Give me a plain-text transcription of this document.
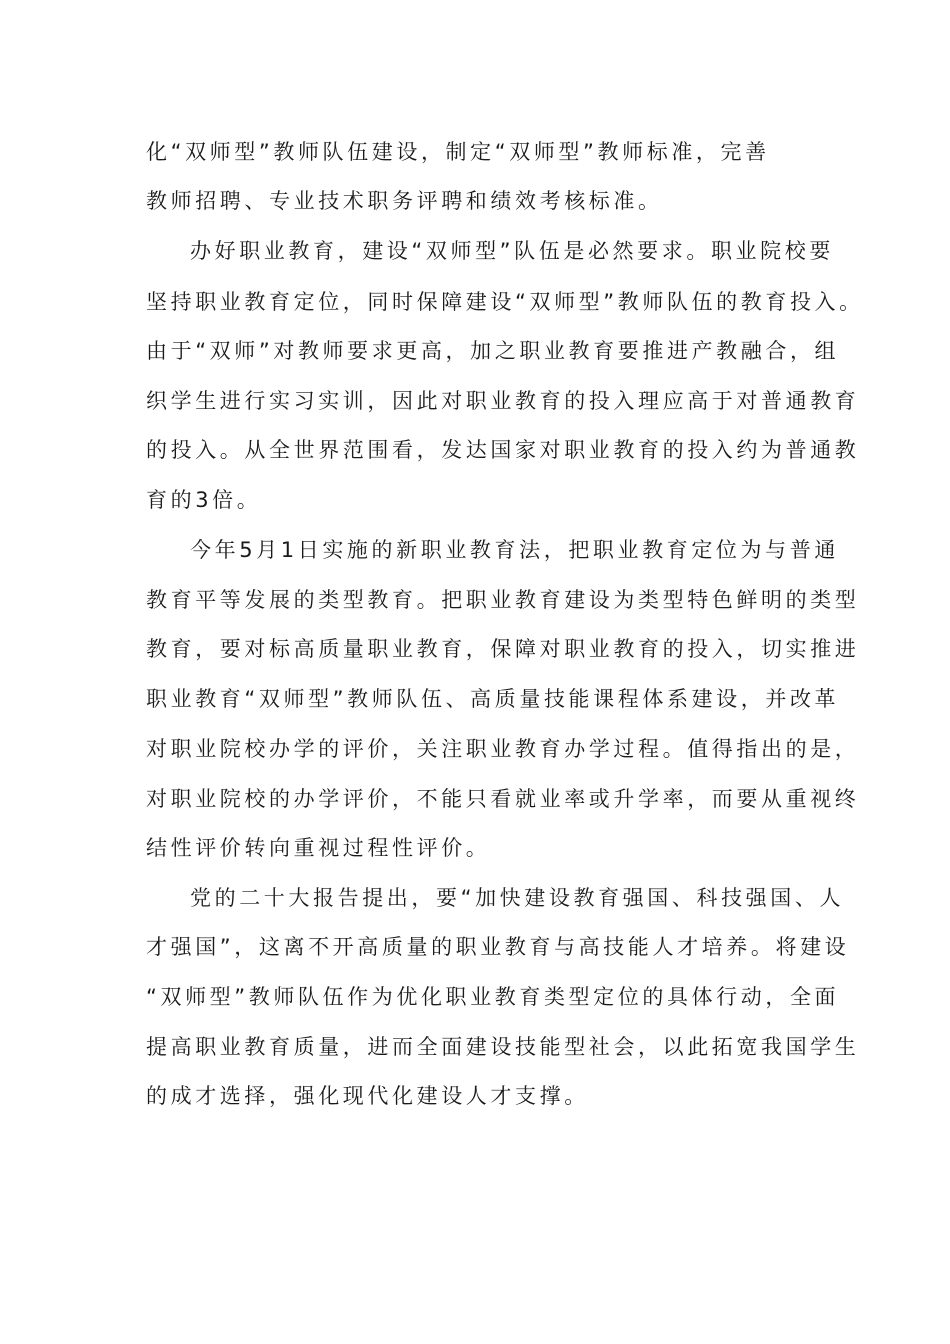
化“双师型”教师队伍建设，制定“双师型”教师标准，完善
教师招聘、专业技术职务评聘和绩效考核标准。
办好职业教育，建设“双师型”队伍是必然要求。职业院校要
坚持职业教育定位，同时保障建设“双师型”教师队伍的教育投入。
由于“双师”对教师要求更高，加之职业教育要推进产教融合，组
织学生进行实习实训，因此对职业教育的投入理应高于对普通教育
的投入。从全世界范围看，发达国家对职业教育的投入约为普通教
育的3倍。
今年5月1日实施的新职业教育法，把职业教育定位为与普通
教育平等发展的类型教育。把职业教育建设为类型特色鲜明的类型
教育，要对标高质量职业教育，保障对职业教育的投入，切实推进
职业教育“双师型”教师队伍、高质量技能课程体系建设，并改革
对职业院校办学的评价，关注职业教育办学过程。值得指出的是，
对职业院校的办学评价，不能只看就业率或升学率，而要从重视终
结性评价转向重视过程性评价。
党的二十大报告提出，要“加快建设教育强国、科技强国、人
才强国”，这离不开高质量的职业教育与高技能人才培养。将建设
“双师型”教师队伍作为优化职业教育类型定位的具体行动，全面
提高职业教育质量，进而全面建设技能型社会，以此拓宽我国学生
的成才选择，强化现代化建设人才支撑。
